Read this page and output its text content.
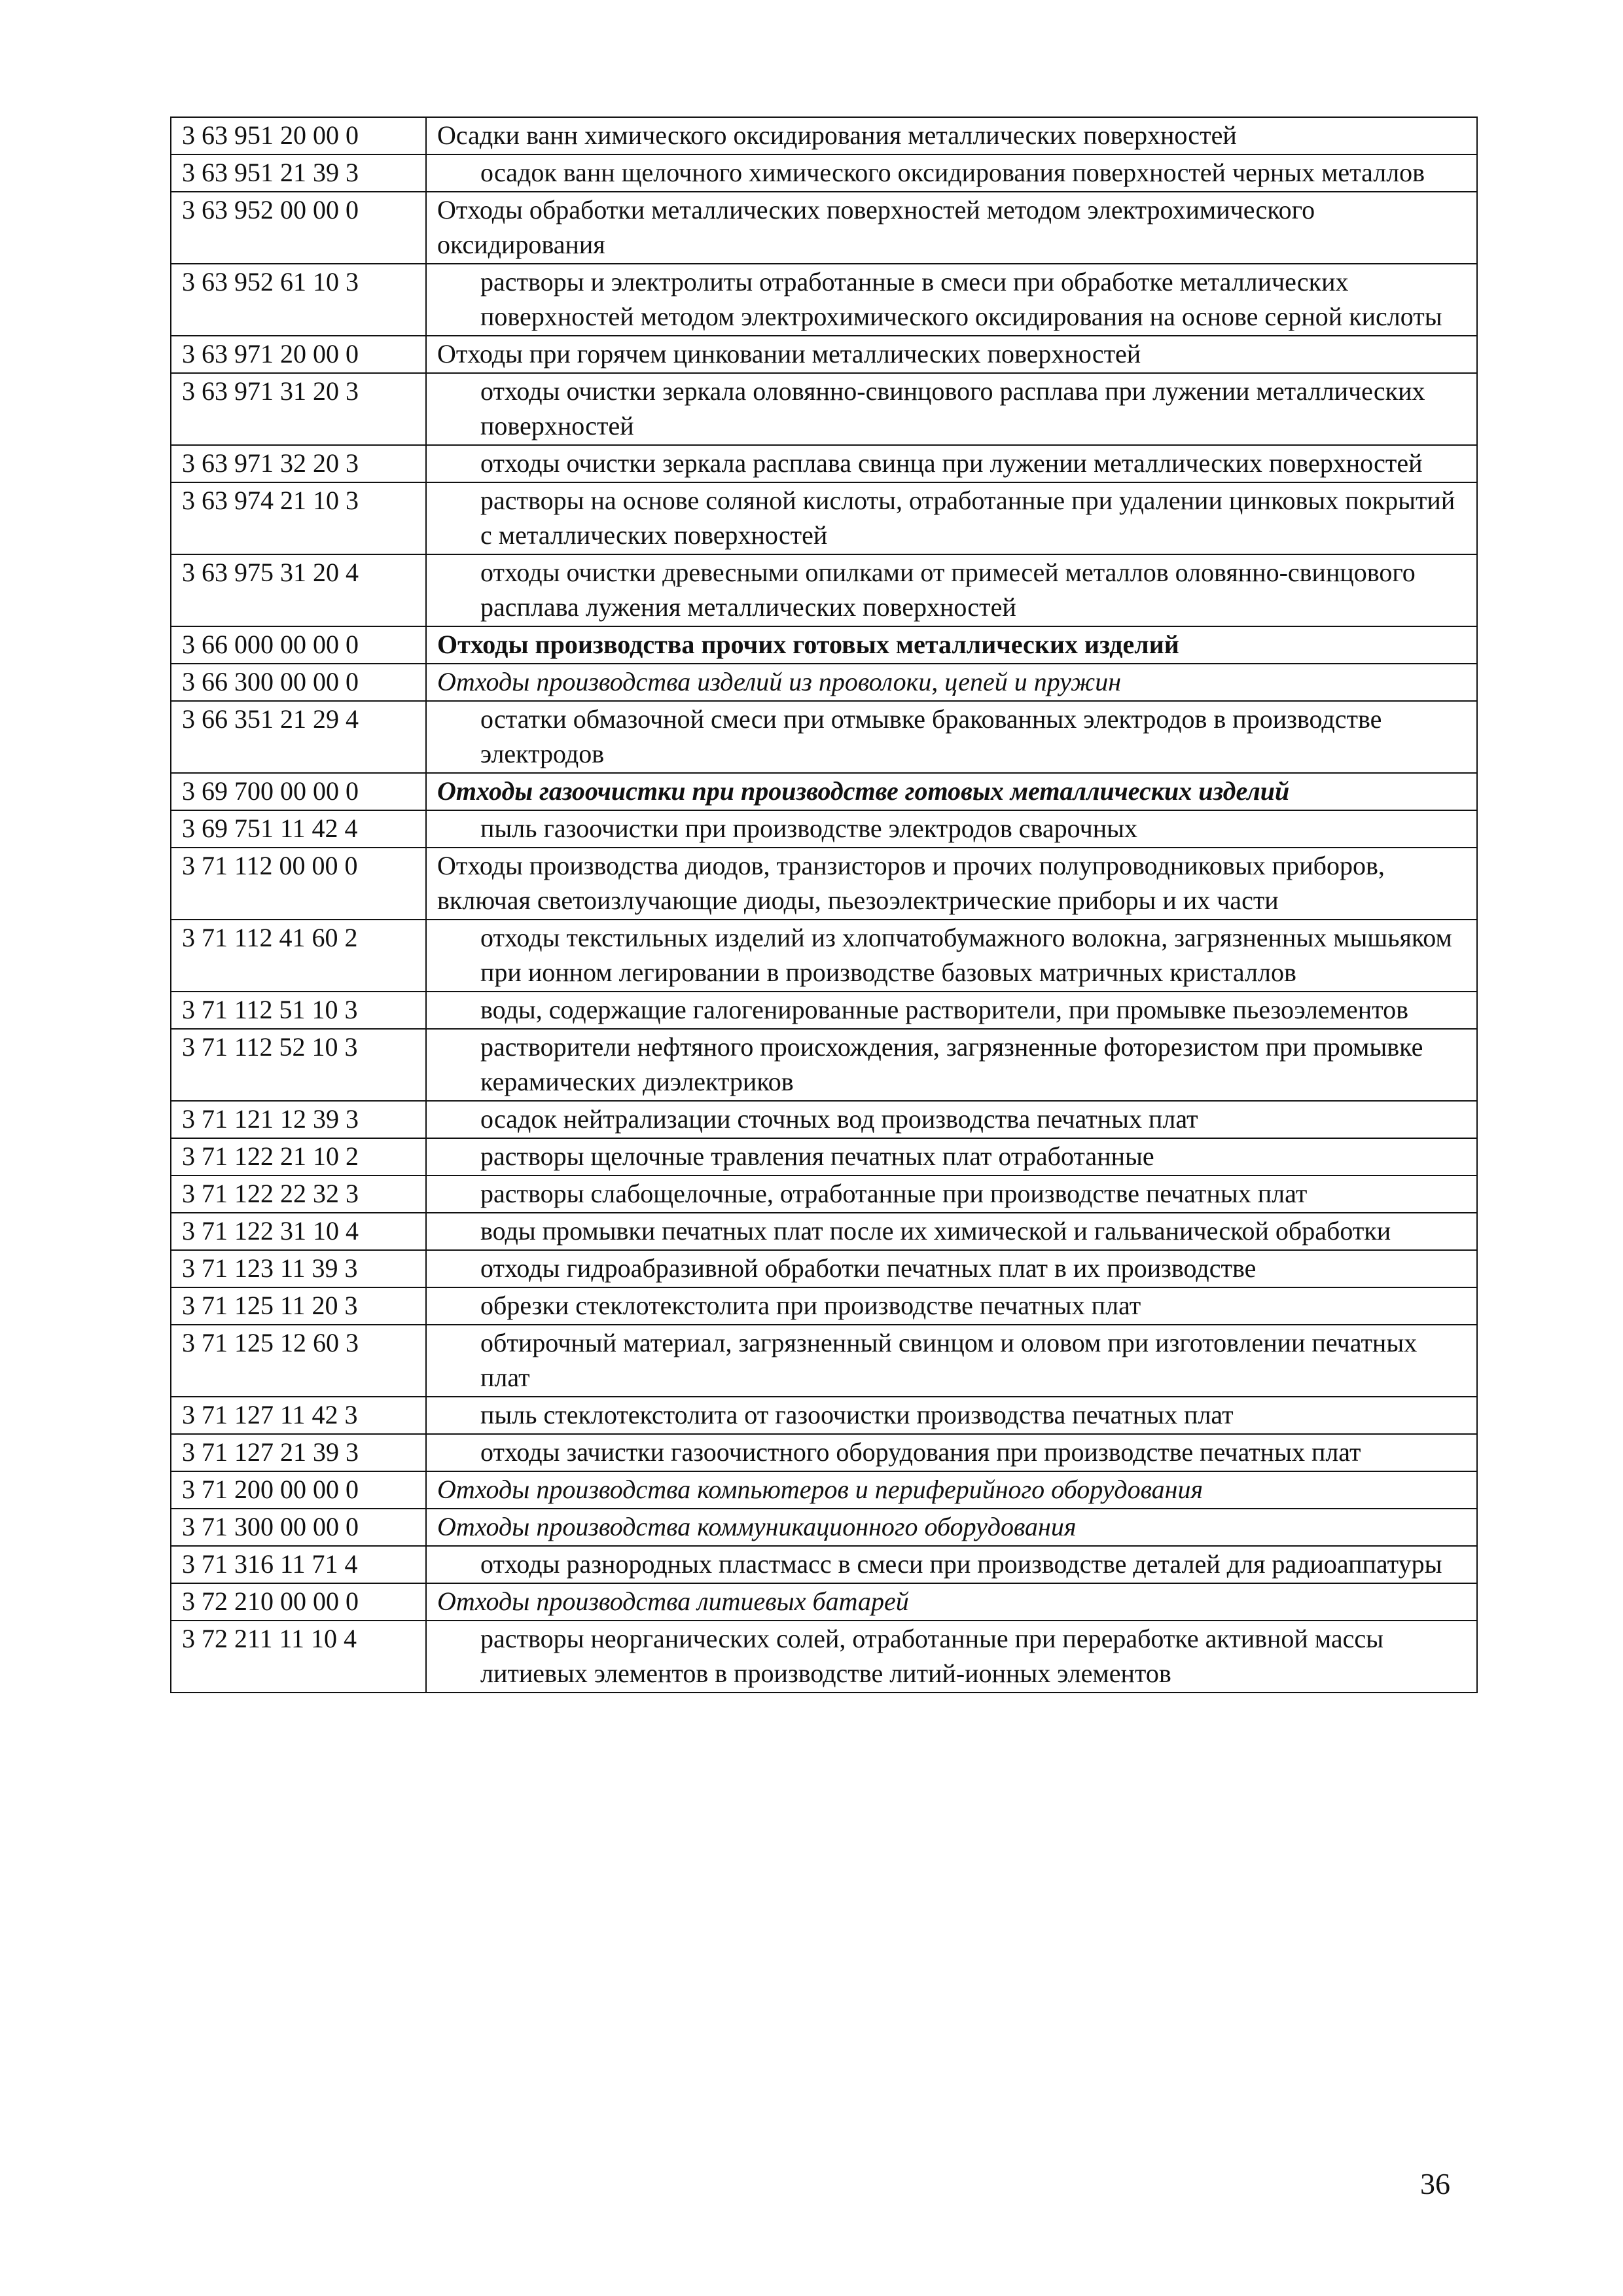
3 63 951 20 00 0	Осадки ванн химического оксидирования металлических поверхностей
3 63 951 21 39 3	осадок ванн щелочного химического оксидирования поверхностей черных металлов
3 63 952 00 00 0	Отходы обработки металлических поверхностей методом электрохимического оксидирования
3 63 952 61 10 3	растворы и электролиты отработанные в смеси при обработке металлических поверхностей методом электрохимического оксидирования на основе серной кислоты
3 63 971 20 00 0	Отходы при горячем цинковании металлических поверхностей
3 63 971 31 20 3	отходы очистки зеркала оловянно-свинцового расплава при лужении металлических поверхностей
3 63 971 32 20 3	отходы очистки зеркала расплава свинца при лужении металлических поверхностей
3 63 974 21 10 3	растворы на основе соляной кислоты, отработанные при удалении цинковых покрытий с металлических поверхностей
3 63 975 31 20 4	отходы очистки древесными опилками от примесей металлов оловянно-свинцового расплава лужения металлических поверхностей
3 66 000 00 00 0	Отходы производства прочих готовых металлических изделий
3 66 300 00 00 0	Отходы производства изделий из проволоки, цепей и пружин
3 66 351 21 29 4	остатки обмазочной смеси при отмывке бракованных электродов в производстве электродов
3 69 700 00 00 0	Отходы газоочистки при производстве готовых металлических изделий
3 69 751 11 42 4	пыль газоочистки при производстве электродов сварочных
3 71 112 00 00 0	Отходы производства диодов, транзисторов и прочих полупроводниковых приборов, включая светоизлучающие диоды, пьезоэлектрические приборы и их части
3 71 112 41 60 2	отходы текстильных изделий из хлопчатобумажного волокна, загрязненных мышьяком при ионном легировании в производстве базовых матричных кристаллов
3 71 112 51 10 3	воды, содержащие галогенированные растворители, при промывке пьезоэлементов
3 71 112 52 10 3	растворители нефтяного происхождения, загрязненные фоторезистом при промывке керамических диэлектриков
3 71 121 12 39 3	осадок нейтрализации сточных вод производства печатных плат
3 71 122 21 10 2	растворы щелочные травления печатных плат отработанные
3 71 122 22 32 3	растворы слабощелочные, отработанные при производстве печатных плат
3 71 122 31 10 4	воды промывки печатных плат после их химической и гальванической обработки
3 71 123 11 39 3	отходы гидроабразивной обработки печатных плат в их производстве
3 71 125 11 20 3	обрезки стеклотекстолита при производстве печатных плат
3 71 125 12 60 3	обтирочный материал, загрязненный свинцом и оловом при изготовлении печатных плат
3 71 127 11 42 3	пыль стеклотекстолита от газоочистки производства печатных плат
3 71 127 21 39 3	отходы зачистки газоочистного оборудования при производстве печатных плат
3 71 200 00 00 0	Отходы производства компьютеров и периферийного оборудования
3 71 300 00 00 0	Отходы производства коммуникационного оборудования
3 71 316 11 71 4	отходы разнородных пластмасс в смеси при производстве деталей для радиоаппатуры
3 72 210 00 00 0	Отходы производства литиевых батарей
3 72 211 11 10 4	растворы неорганических солей, отработанные при переработке активной массы литиевых элементов в производстве литий-ионных элементов
36
